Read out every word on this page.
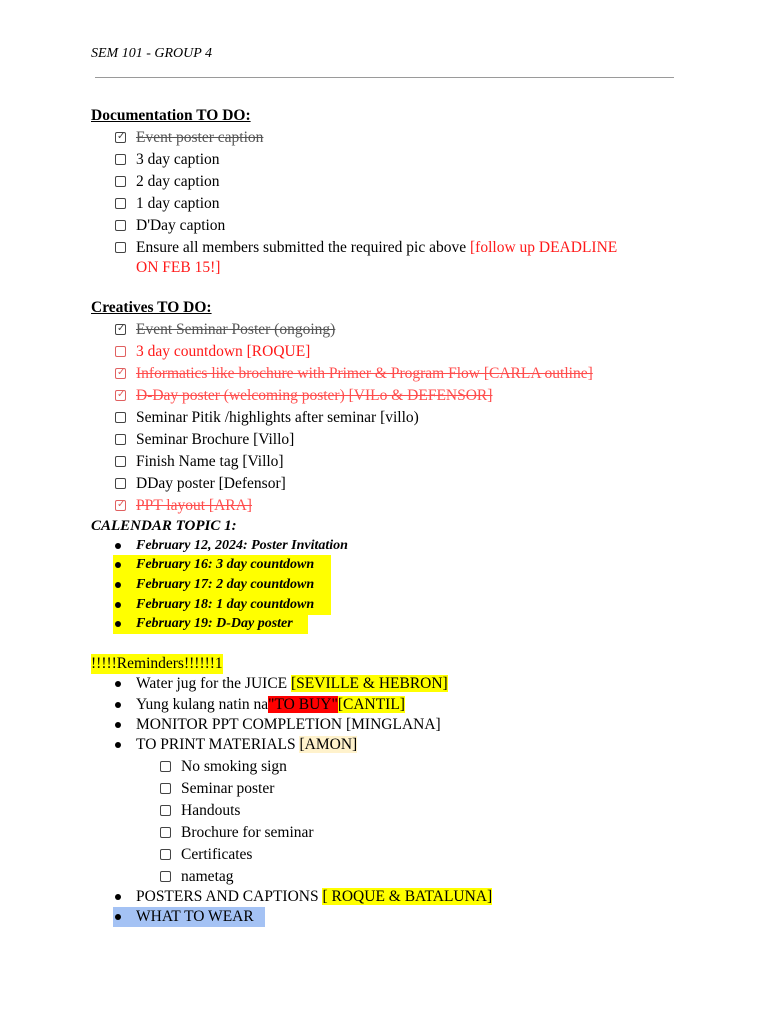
SEM 101 - GROUP 4
Documentation TO DO:
✓ Event poster caption
3 day caption
2 day caption
1 day caption
D'Day caption
Ensure all members submitted the required pic above [follow up DEADLINE
ON FEB 15!]
Creatives TO DO:
✓ Event Seminar Poster (ongoing)
3 day countdown [ROQUE]
✓ Informatics like brochure with Primer & Program Flow [CARLA outline]
✓ D-Day poster (welcoming poster) [VILo & DEFENSOR]
Seminar Pitik /highlights after seminar [villo)
Seminar Brochure [Villo]
Finish Name tag [Villo]
DDay poster [Defensor]
✓ PPT layout [ARA]
CALENDAR TOPIC 1:
February 12, 2024: Poster Invitation
February 16: 3 day countdown
February 17: 2 day countdown
February 18: 1 day countdown
February 19: D-Day poster
!!!!!Reminders!!!!!!1
Water jug for the JUICE [SEVILLE & HEBRON]
Yung kulang natin na"TO BUY"[CANTIL]
MONITOR PPT COMPLETION [MINGLANA]
TO PRINT MATERIALS [AMON]
No smoking sign
Seminar poster
Handouts
Brochure for seminar
Certificates
nametag
POSTERS AND CAPTIONS [ ROQUE & BATALUNA]
WHAT TO WEAR
